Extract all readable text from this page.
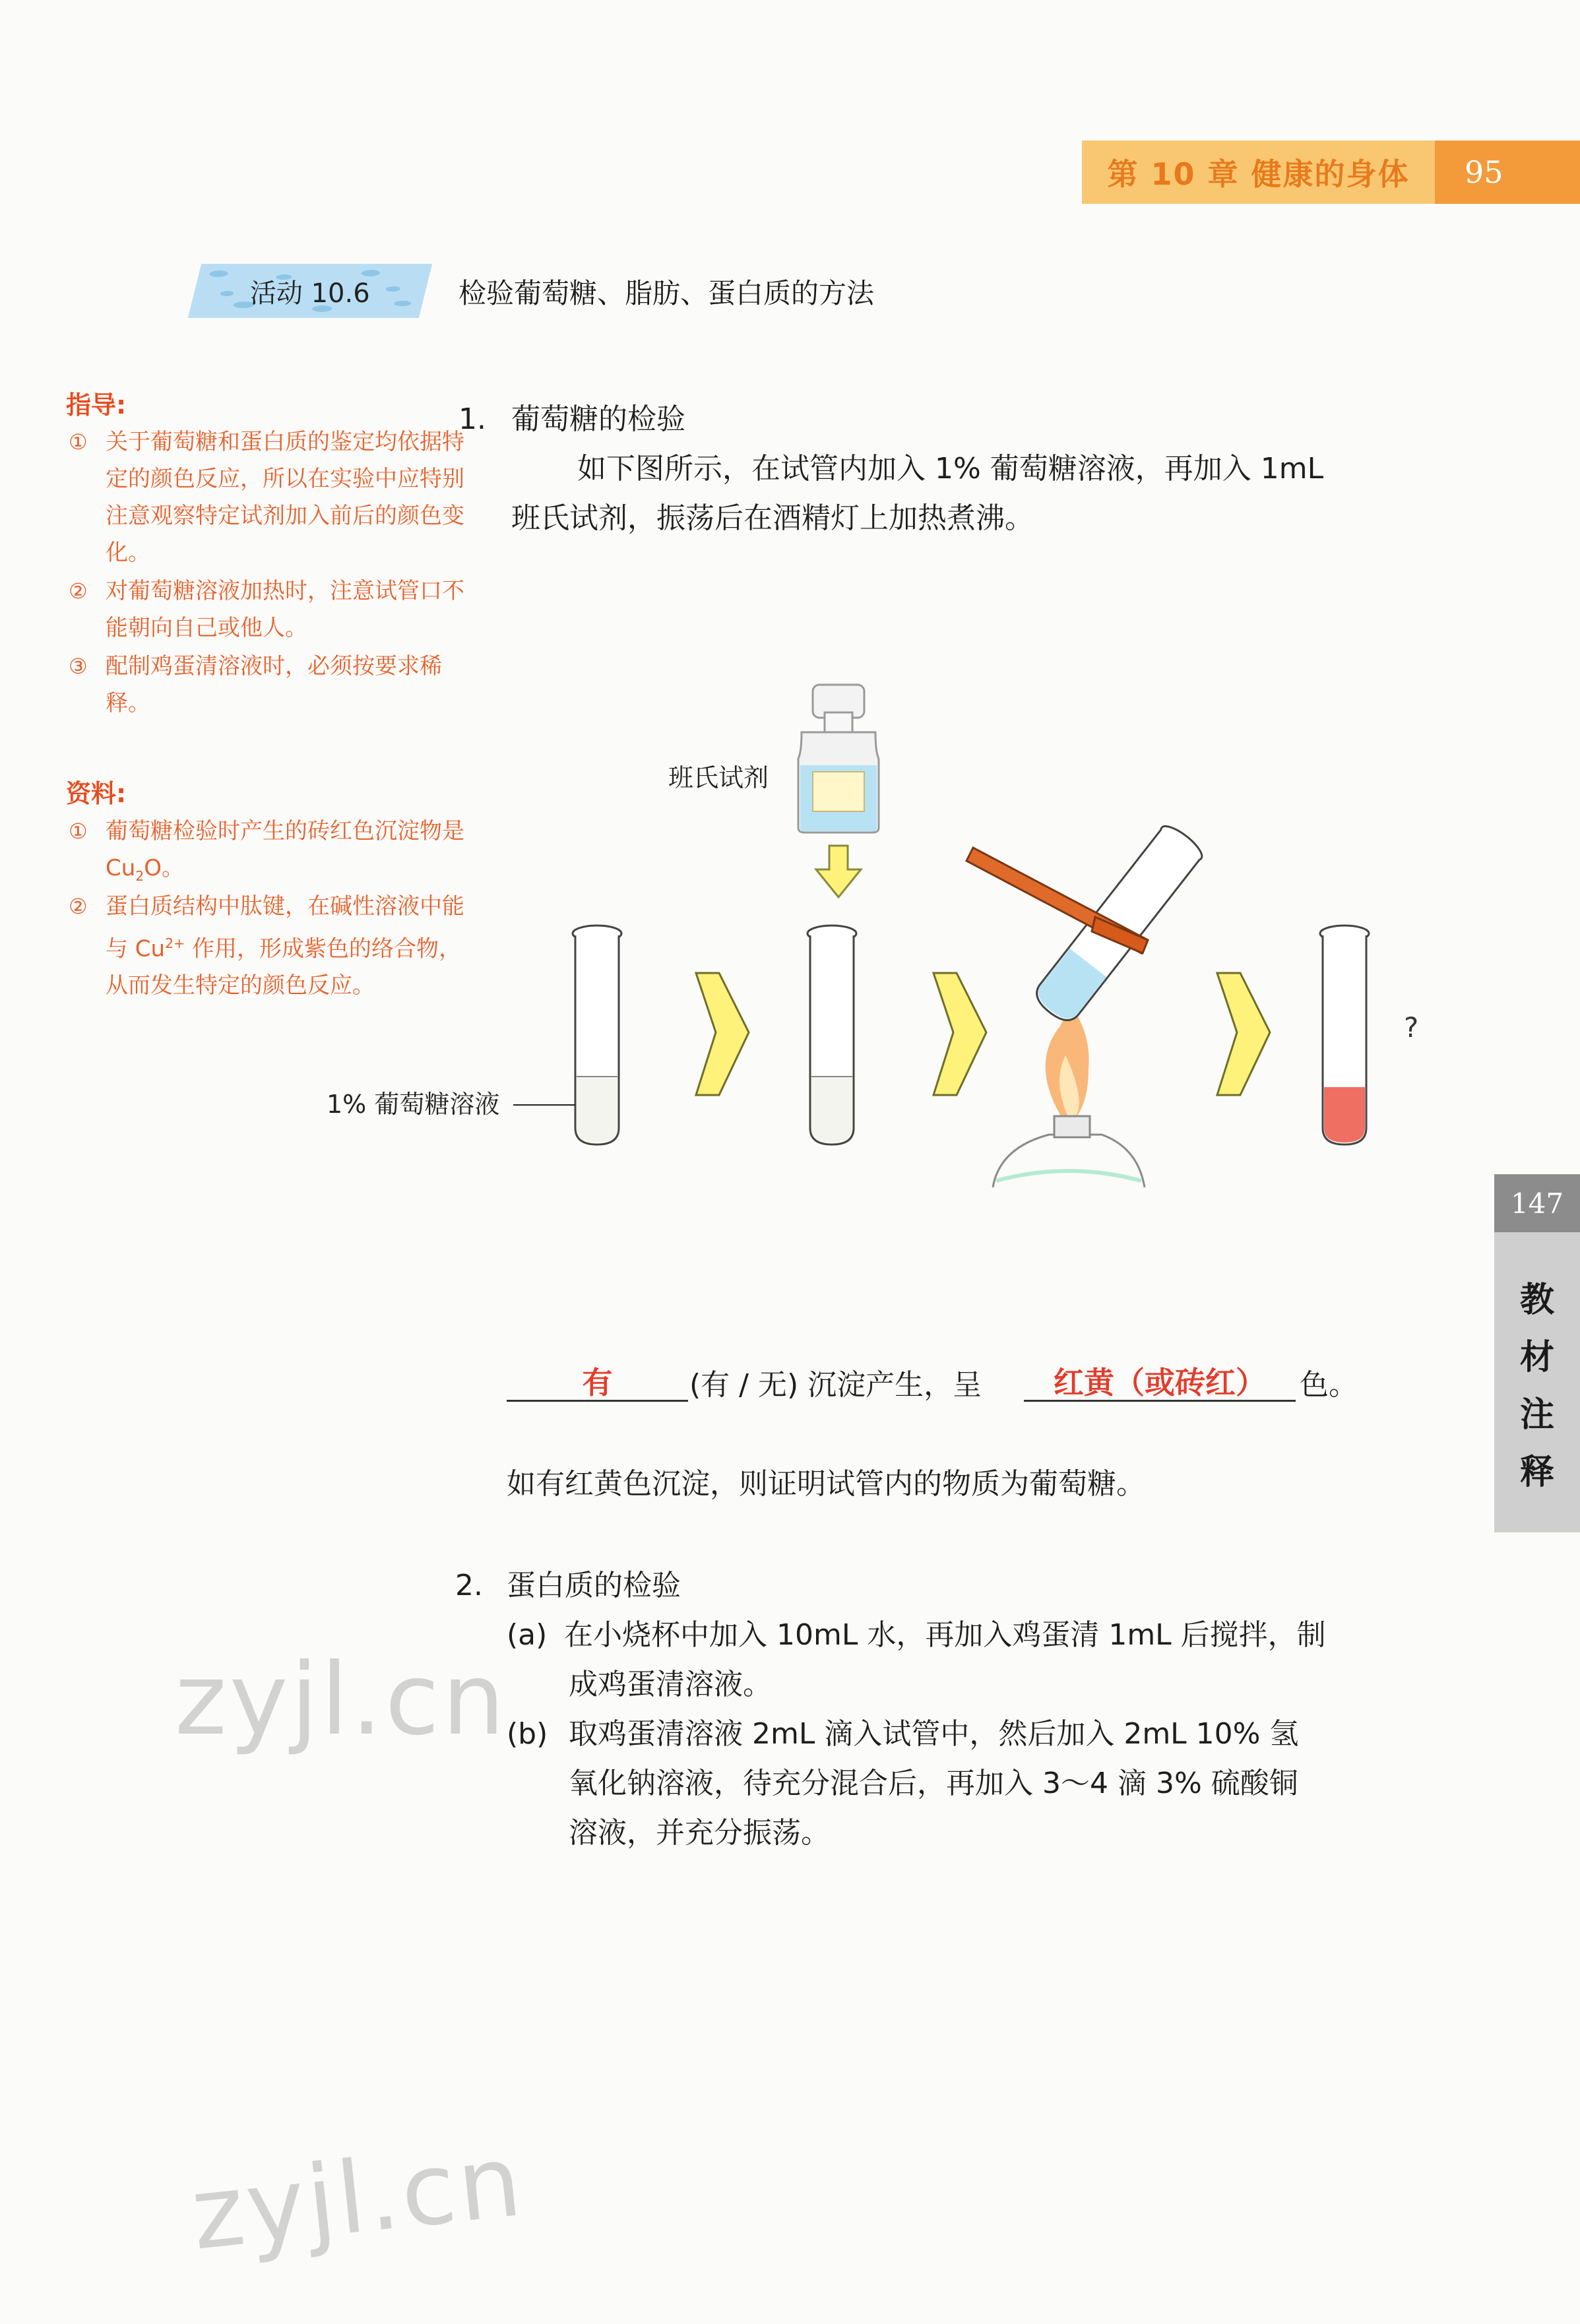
第 10 章 健康的身体	95
活动 10.6	检验葡萄糖、脂肪、蛋白质的方法
指导:
① 关于葡萄糖和蛋白质的鉴定均依据特定的颜色反应，所以在实验中应特别注意观察特定试剂加入前后的颜色变化。
② 对葡萄糖溶液加热时，注意试管口不能朝向自己或他人。
③ 配制鸡蛋清溶液时，必须按要求稀释。
资料:
① 葡萄糖检验时产生的砖红色沉淀物是 $Cu_2O$。
② 蛋白质结构中肽键，在碱性溶液中能与 $Cu^{2+}$ 作用，形成紫色的络合物，从而发生特定的颜色反应。
1. 葡萄糖的检验
如下图所示，在试管内加入 1% 葡萄糖溶液，再加入 1mL
班氏试剂，振荡后在酒精灯上加热煮沸。
班氏试剂
1% 葡萄糖溶液
?
有	(有 / 无) 沉淀产生，呈	红黄（或砖红）	色。
如有红黄色沉淀，则证明试管内的物质为葡萄糖。
2. 蛋白质的检验
(a) 在小烧杯中加入 10mL 水，再加入鸡蛋清 1mL 后搅拌，制
成鸡蛋清溶液。
(b) 取鸡蛋清溶液 2mL 滴入试管中，然后加入 2mL 10% 氢
氧化钠溶液，待充分混合后，再加入 3～4 滴 3% 硫酸铜
溶液，并充分振荡。
147
教
材
注
释
zyjl.cn
zyjl.cn
